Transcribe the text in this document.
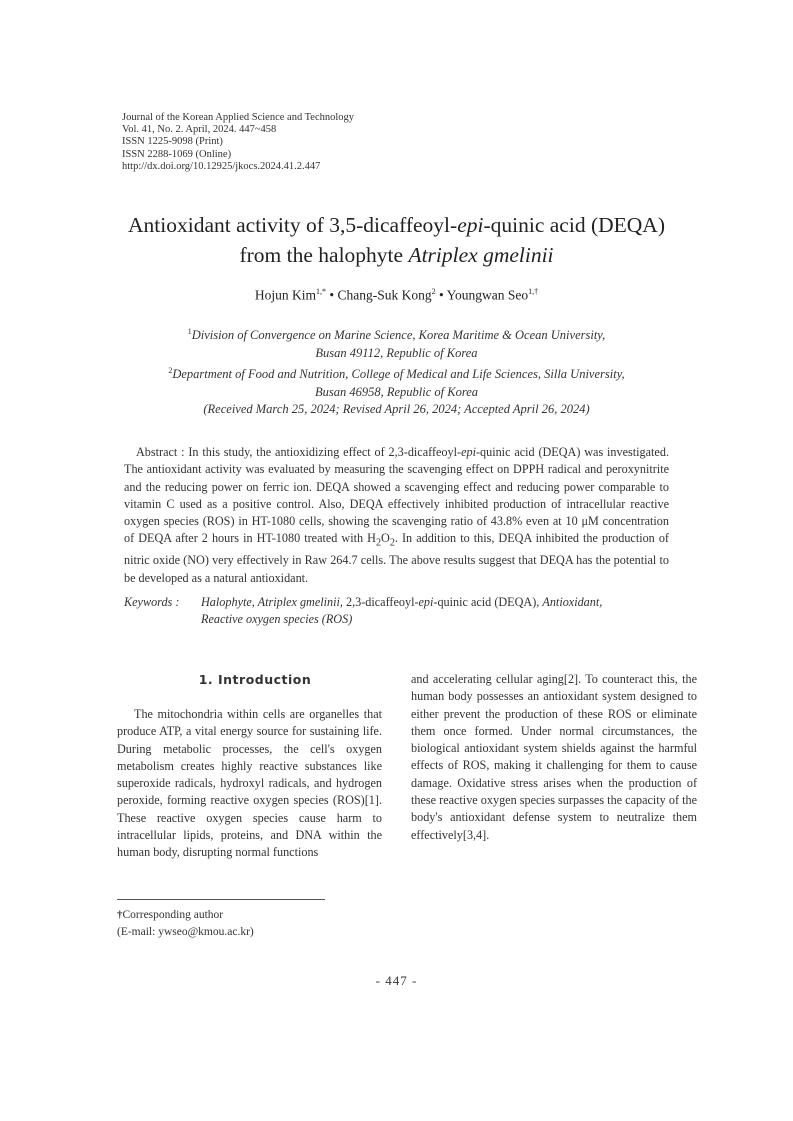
Journal of the Korean Applied Science and Technology
Vol. 41, No. 2. April, 2024. 447~458
ISSN 1225-9098 (Print)
ISSN 2288-1069 (Online)
http://dx.doi.org/10.12925/jkocs.2024.41.2.447
Antioxidant activity of 3,5-dicaffeoyl-epi-quinic acid (DEQA)
from the halophyte Atriplex gmelinii
Hojun Kim$^{1,*}$ • Chang-Suk Kong$^2$ • Youngwan Seo$^{1,\dagger}$
$^1$Division of Convergence on Marine Science, Korea Maritime & Ocean University,
Busan 49112, Republic of Korea
$^2$Department of Food and Nutrition, College of Medical and Life Sciences, Silla University,
Busan 46958, Republic of Korea
(Received March 25, 2024; Revised April 26, 2024; Accepted April 26, 2024)
Abstract : In this study, the antioxidizing effect of 2,3-dicaffeoyl-epi-quinic acid (DEQA) was investigated. The antioxidant activity was evaluated by measuring the scavenging effect on DPPH radical and peroxynitrite and the reducing power on ferric ion. DEQA showed a scavenging effect and reducing power comparable to vitamin C used as a positive control. Also, DEQA effectively inhibited production of intracellular reactive oxygen species (ROS) in HT-1080 cells, showing the scavenging ratio of 43.8% even at 10 μM concentration of DEQA after 2 hours in HT-1080 treated with $H_2O_2$. In addition to this, DEQA inhibited the production of nitric oxide (NO) very effectively in Raw 264.7 cells. The above results suggest that DEQA has the potential to be developed as a natural antioxidant.
Keywords :Halophyte, Atriplex gmelinii, 2,3-dicaffeoyl-epi-quinic acid (DEQA), Antioxidant,
Reactive oxygen species (ROS)
1. Introduction
The mitochondria within cells are organelles that produce ATP, a vital energy source for sustaining life. During metabolic processes, the cell's oxygen metabolism creates highly reactive substances like superoxide radicals, hydroxyl radicals, and hydrogen peroxide, forming reactive oxygen species (ROS)[1]. These reactive oxygen species cause harm to intracellular lipids, proteins, and DNA within the human body, disrupting normal functions
and accelerating cellular aging[2]. To counteract this, the human body possesses an antioxidant system designed to either prevent the production of these ROS or eliminate them once formed. Under normal circumstances, the biological antioxidant system shields against the harmful effects of ROS, making it challenging for them to cause damage. Oxidative stress arises when the production of these reactive oxygen species surpasses the capacity of the body's antioxidant defense system to neutralize them effectively[3,4].
†Corresponding author
(E-mail: ywseo@kmou.ac.kr)
- 447 -
